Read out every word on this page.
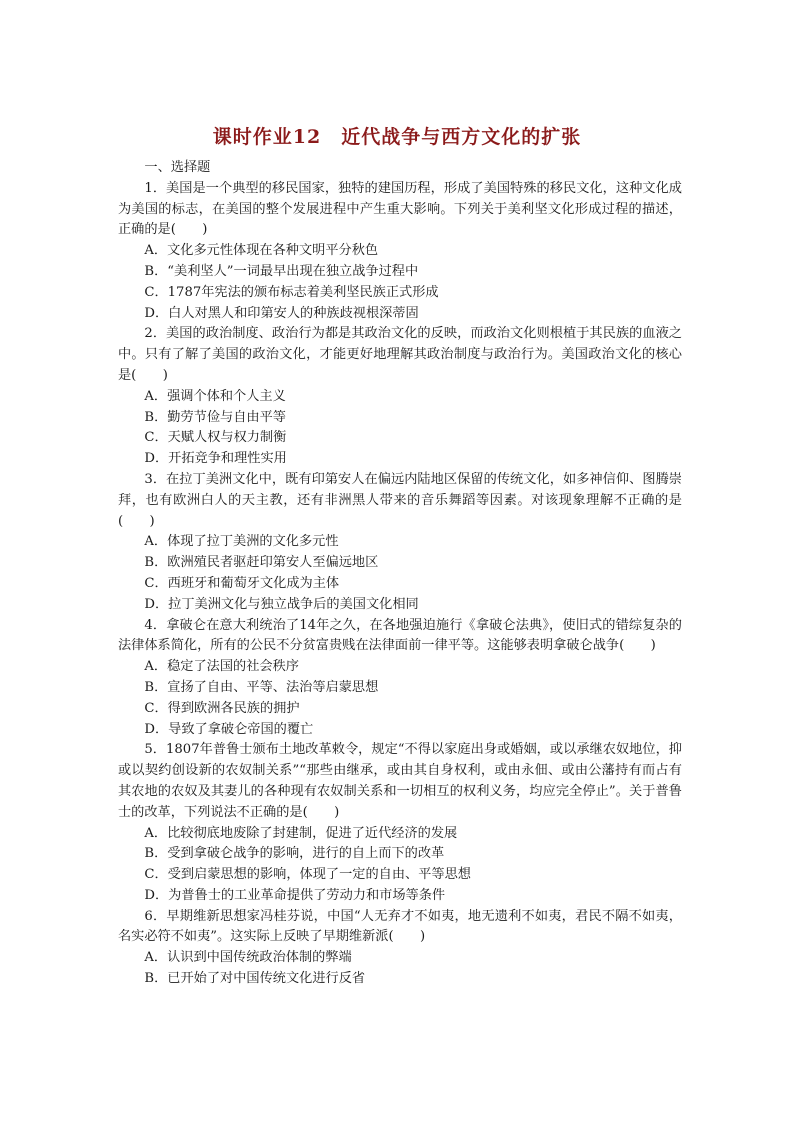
课时作业12　近代战争与西方文化的扩张

一、选择题

1．美国是一个典型的移民国家，独特的建国历程，形成了美国特殊的移民文化，这种文化成为美国的标志，在美国的整个发展进程中产生重大影响。下列关于美利坚文化形成过程的描述，正确的是(　　)

A．文化多元性体现在各种文明平分秋色

B．“美利坚人”一词最早出现在独立战争过程中

C．1787年宪法的颁布标志着美利坚民族正式形成

D．白人对黑人和印第安人的种族歧视根深蒂固

2．美国的政治制度、政治行为都是其政治文化的反映，而政治文化则根植于其民族的血液之中。只有了解了美国的政治文化，才能更好地理解其政治制度与政治行为。美国政治文化的核心是(　　)

A．强调个体和个人主义

B．勤劳节俭与自由平等

C．天赋人权与权力制衡

D．开拓竞争和理性实用

3．在拉丁美洲文化中，既有印第安人在偏远内陆地区保留的传统文化，如多神信仰、图腾崇拜，也有欧洲白人的天主教，还有非洲黑人带来的音乐舞蹈等因素。对该现象理解不正确的是(　　)

A．体现了拉丁美洲的文化多元性

B．欧洲殖民者驱赶印第安人至偏远地区

C．西班牙和葡萄牙文化成为主体

D．拉丁美洲文化与独立战争后的美国文化相同

4．拿破仑在意大利统治了14年之久，在各地强迫施行《拿破仑法典》，使旧式的错综复杂的法律体系简化，所有的公民不分贫富贵贱在法律面前一律平等。这能够表明拿破仑战争(　　)

A．稳定了法国的社会秩序

B．宣扬了自由、平等、法治等启蒙思想

C．得到欧洲各民族的拥护

D．导致了拿破仑帝国的覆亡

5．1807年普鲁士颁布土地改革敕令，规定“不得以家庭出身或婚姻，或以承继农奴地位，抑或以契约创设新的农奴制关系”“那些由继承，或由其自身权利，或由永佃、或由公藩持有而占有其农地的农奴及其妻儿的各种现有农奴制关系和一切相互的权利义务，均应完全停止”。关于普鲁士的改革，下列说法不正确的是(　　)

A．比较彻底地废除了封建制，促进了近代经济的发展

B．受到拿破仑战争的影响，进行的自上而下的改革

C．受到启蒙思想的影响，体现了一定的自由、平等思想

D．为普鲁士的工业革命提供了劳动力和市场等条件

6．早期维新思想家冯桂芬说，中国“人无弃才不如夷，地无遗利不如夷，君民不隔不如夷，名实必符不如夷”。这实际上反映了早期维新派(　　)

A．认识到中国传统政治体制的弊端

B．已开始了对中国传统文化进行反省
